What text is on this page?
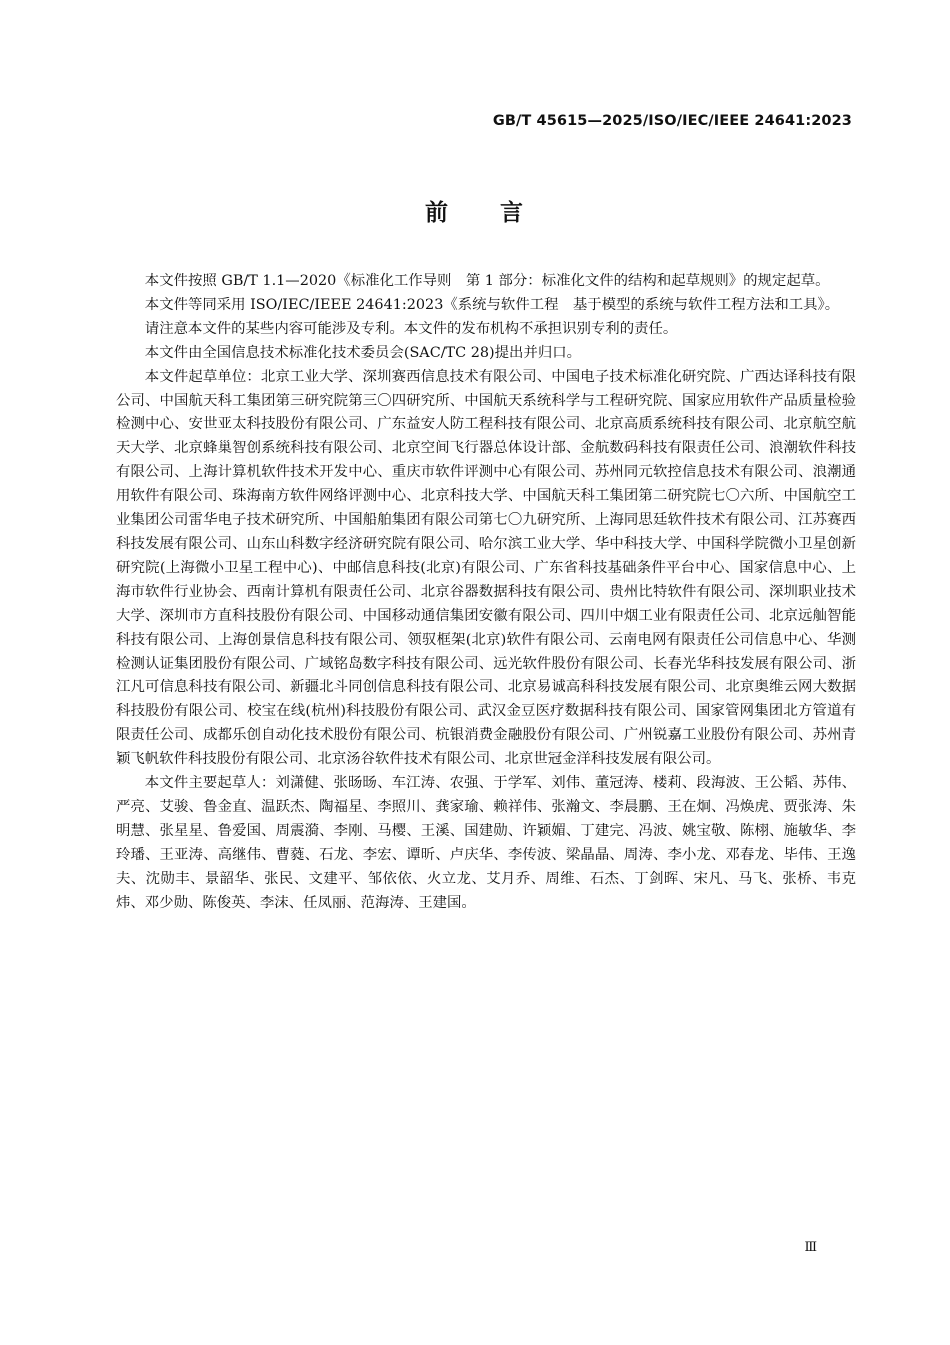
GB/T 45615—2025/ISO/IEC/IEEE 24641:2023
前 言

本文件按照 GB/T 1.1—2020《标准化工作导则　第 1 部分：标准化文件的结构和起草规则》的规定起草。

本文件等同采用 ISO/IEC/IEEE 24641:2023《系统与软件工程　基于模型的系统与软件工程方法和工具》。

请注意本文件的某些内容可能涉及专利。本文件的发布机构不承担识别专利的责任。

本文件由全国信息技术标准化技术委员会(SAC/TC 28)提出并归口。

本文件起草单位：北京工业大学、深圳赛西信息技术有限公司、中国电子技术标准化研究院、广西达译科技有限公司、中国航天科工集团第三研究院第三〇四研究所、中国航天系统科学与工程研究院、国家应用软件产品质量检验检测中心、安世亚太科技股份有限公司、广东益安人防工程科技有限公司、北京高质系统科技有限公司、北京航空航天大学、北京蜂巢智创系统科技有限公司、北京空间飞行器总体设计部、金航数码科技有限责任公司、浪潮软件科技有限公司、上海计算机软件技术开发中心、重庆市软件评测中心有限公司、苏州同元软控信息技术有限公司、浪潮通用软件有限公司、珠海南方软件网络评测中心、北京科技大学、中国航天科工集团第二研究院七〇六所、中国航空工业集团公司雷华电子技术研究所、中国船舶集团有限公司第七〇九研究所、上海同思廷软件技术有限公司、江苏赛西科技发展有限公司、山东山科数字经济研究院有限公司、哈尔滨工业大学、华中科技大学、中国科学院微小卫星创新研究院(上海微小卫星工程中心)、中邮信息科技(北京)有限公司、广东省科技基础条件平台中心、国家信息中心、上海市软件行业协会、西南计算机有限责任公司、北京谷器数据科技有限公司、贵州比特软件有限公司、深圳职业技术大学、深圳市方直科技股份有限公司、中国移动通信集团安徽有限公司、四川中烟工业有限责任公司、北京远舢智能科技有限公司、上海创景信息科技有限公司、领驭框架(北京)软件有限公司、云南电网有限责任公司信息中心、华测检测认证集团股份有限公司、广域铭岛数字科技有限公司、远光软件股份有限公司、长春光华科技发展有限公司、浙江凡可信息科技有限公司、新疆北斗同创信息科技有限公司、北京易诚高科科技发展有限公司、北京奥维云网大数据科技股份有限公司、校宝在线(杭州)科技股份有限公司、武汉金豆医疗数据科技有限公司、国家管网集团北方管道有限责任公司、成都乐创自动化技术股份有限公司、杭银消费金融股份有限公司、广州锐嘉工业股份有限公司、苏州青颖飞帆软件科技股份有限公司、北京汤谷软件技术有限公司、北京世冠金洋科技发展有限公司。

本文件主要起草人：刘潇健、张旸旸、车江涛、农强、于学军、刘伟、董冠涛、楼莉、段海波、王公韬、苏伟、严亮、艾骏、鲁金直、温跃杰、陶福星、李照川、龚家瑜、赖祥伟、张瀚文、李晨鹏、王在炯、冯焕虎、贾张涛、朱明慧、张星星、鲁爱国、周震漪、李刚、马樱、王溪、国建勋、许颖媚、丁建完、冯波、姚宝敬、陈栩、施敏华、李玲璠、王亚涛、高继伟、曹蕤、石龙、李宏、谭昕、卢庆华、李传波、梁晶晶、周涛、李小龙、邓春龙、毕伟、王逸夫、沈勋丰、景韶华、张民、文建平、邹依依、火立龙、艾月乔、周维、石杰、丁剑晖、宋凡、马飞、张桥、韦克炜、邓少勋、陈俊英、李沫、任凤丽、范海涛、王建国。

Ⅲ
